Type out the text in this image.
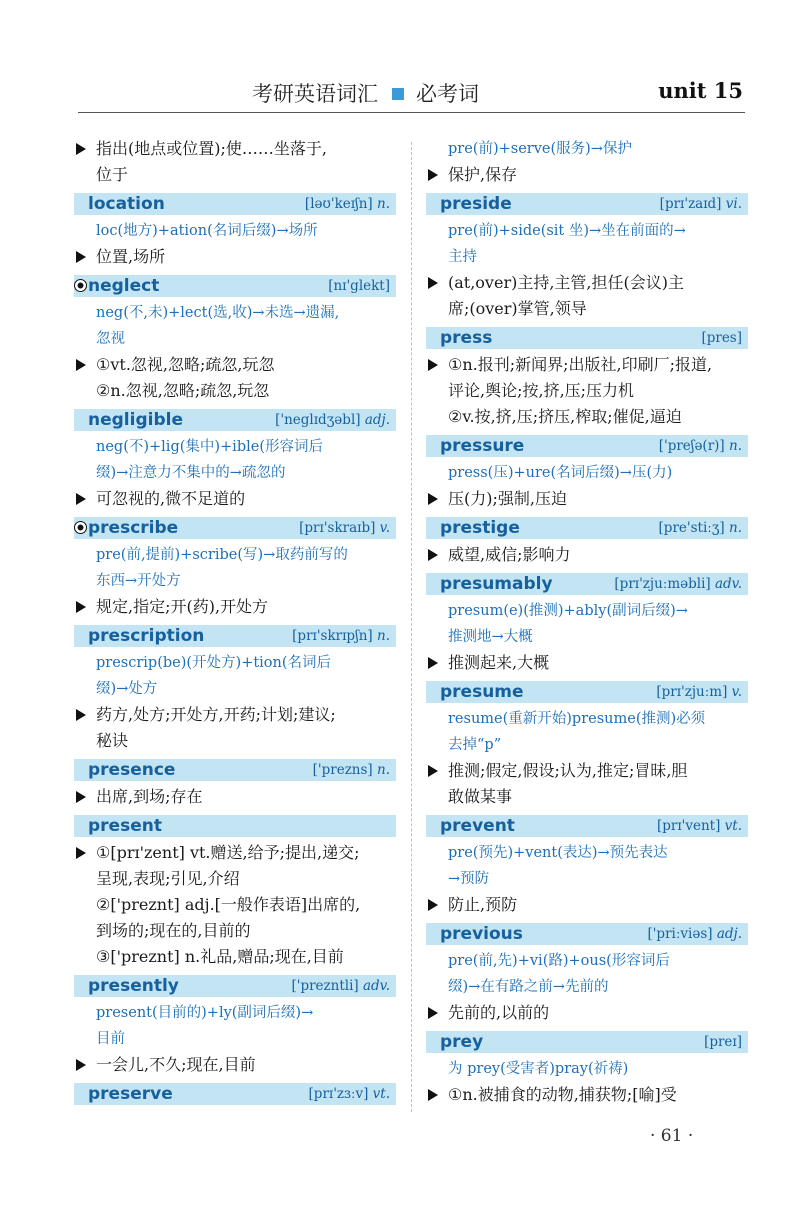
考研英语词汇 必考词	unit 15
指出(地点或位置);使……坐落于,
位于
location	[ləʊ'keɪʃn] n.
loc(地方)+ation(名词后缀)→场所
位置,场所
neglect	[nɪ'glekt]
neg(不,未)+lect(选,收)→未选→遗漏,
忽视
①vt.忽视,忽略;疏忽,玩忽
②n.忽视,忽略;疏忽,玩忽
negligible	['neglɪdʒəbl] adj.
neg(不)+lig(集中)+ible(形容词后
缀)→注意力不集中的→疏忽的
可忽视的,微不足道的
prescribe	[prɪ'skraɪb] v.
pre(前,提前)+scribe(写)→取药前写的
东西→开处方
规定,指定;开(药),开处方
prescription	[prɪ'skrɪpʃn] n.
prescrip(be)(开处方)+tion(名词后
缀)→处方
药方,处方;开处方,开药;计划;建议;
秘诀
presence	['prezns] n.
出席,到场;存在
present
①[prɪ'zent] vt.赠送,给予;提出,递交;
呈现,表现;引见,介绍
②['preznt] adj.[一般作表语]出席的,
到场的;现在的,目前的
③['preznt] n.礼品,赠品;现在,目前
presently	['prezntli] adv.
present(目前的)+ly(副词后缀)→
目前
一会儿,不久;现在,目前
preserve	[prɪ'zɜːv] vt.
pre(前)+serve(服务)→保护
保护,保存
preside	[prɪ'zaɪd] vi.
pre(前)+side(sit 坐)→坐在前面的→
主持
(at,over)主持,主管,担任(会议)主
席;(over)掌管,领导
press	[pres]
①n.报刊;新闻界;出版社,印刷厂;报道,
评论,舆论;按,挤,压;压力机
②v.按,挤,压;挤压,榨取;催促,逼迫
pressure	['preʃə(r)] n.
press(压)+ure(名词后缀)→压(力)
压(力);强制,压迫
prestige	[pre'stiːʒ] n.
威望,威信;影响力
presumably	[prɪ'zjuːməbli] adv.
presum(e)(推测)+ably(副词后缀)→
推测地→大概
推测起来,大概
presume	[prɪ'zjuːm] v.
resume(重新开始)presume(推测)必须
去掉“p”
推测;假定,假设;认为,推定;冒昧,胆
敢做某事
prevent	[prɪ'vent] vt.
pre(预先)+vent(表达)→预先表达
→预防
防止,预防
previous	['priːviəs] adj.
pre(前,先)+vi(路)+ous(形容词后
缀)→在有路之前→先前的
先前的,以前的
prey	[preɪ]
为 prey(受害者)pray(祈祷)
①n.被捕食的动物,捕获物;[喻]受
· 61 ·
